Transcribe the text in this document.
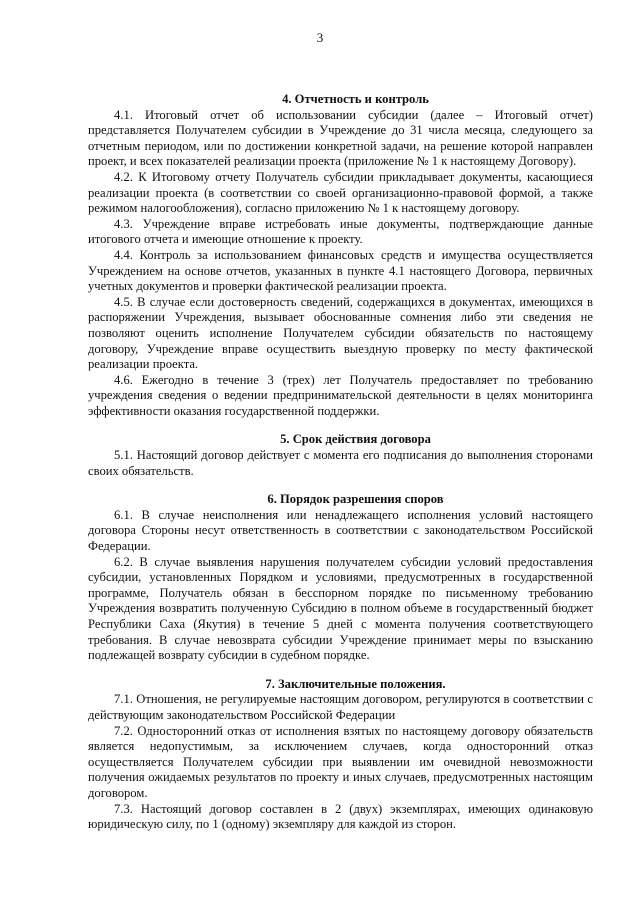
3
4. Отчетность и контроль

4.1. Итоговый отчет об использовании субсидии (далее – Итоговый отчет) представляется Получателем субсидии в Учреждение до 31 числа месяца, следующего за отчетным периодом, или по достижении конкретной задачи, на решение которой направлен проект, и всех показателей реализации проекта (приложение № 1 к настоящему Договору).

4.2. К Итоговому отчету Получатель субсидии прикладывает документы, касающиеся реализации проекта (в соответствии со своей организационно-правовой формой, а также режимом налогообложения), согласно приложению № 1 к настоящему договору.

4.3. Учреждение вправе истребовать иные документы, подтверждающие данные итогового отчета и имеющие отношение к проекту.

4.4. Контроль за использованием финансовых средств и имущества осуществляется Учреждением на основе отчетов, указанных в пункте 4.1 настоящего Договора, первичных учетных документов и проверки фактической реализации проекта.

4.5. В случае если достоверность сведений, содержащихся в документах, имеющихся в распоряжении Учреждения, вызывает обоснованные сомнения либо эти сведения не позволяют оценить исполнение Получателем субсидии обязательств по настоящему договору, Учреждение вправе осуществить выездную проверку по месту фактической реализации проекта.

4.6. Ежегодно в течение 3 (трех) лет Получатель предоставляет по требованию учреждения сведения о ведении предпринимательской деятельности в целях мониторинга эффективности оказания государственной поддержки.

5. Срок действия договора

5.1. Настоящий договор действует с момента его подписания до выполнения сторонами своих обязательств.

6. Порядок разрешения споров

6.1. В случае неисполнения или ненадлежащего исполнения условий настоящего договора Стороны несут ответственность в соответствии с законодательством Российской Федерации.

6.2. В случае выявления нарушения получателем субсидии условий предоставления субсидии, установленных Порядком и условиями, предусмотренных в государственной программе, Получатель обязан в бесспорном порядке по письменному требованию Учреждения возвратить полученную Субсидию в полном объеме в государственный бюджет Республики Саха (Якутия) в течение 5 дней с момента получения соответствующего требования. В случае невозврата субсидии Учреждение принимает меры по взысканию подлежащей возврату субсидии в судебном порядке.

7. Заключительные положения.

7.1. Отношения, не регулируемые настоящим договором, регулируются в соответствии с действующим законодательством Российской Федерации

7.2. Односторонний отказ от исполнения взятых по настоящему договору обязательств является недопустимым, за исключением случаев, когда односторонний отказ осуществляется Получателем субсидии при выявлении им очевидной невозможности получения ожидаемых результатов по проекту и иных случаев, предусмотренных настоящим договором.

7.3. Настоящий договор составлен в 2 (двух) экземплярах, имеющих одинаковую юридическую силу, по 1 (одному) экземпляру для каждой из сторон.
